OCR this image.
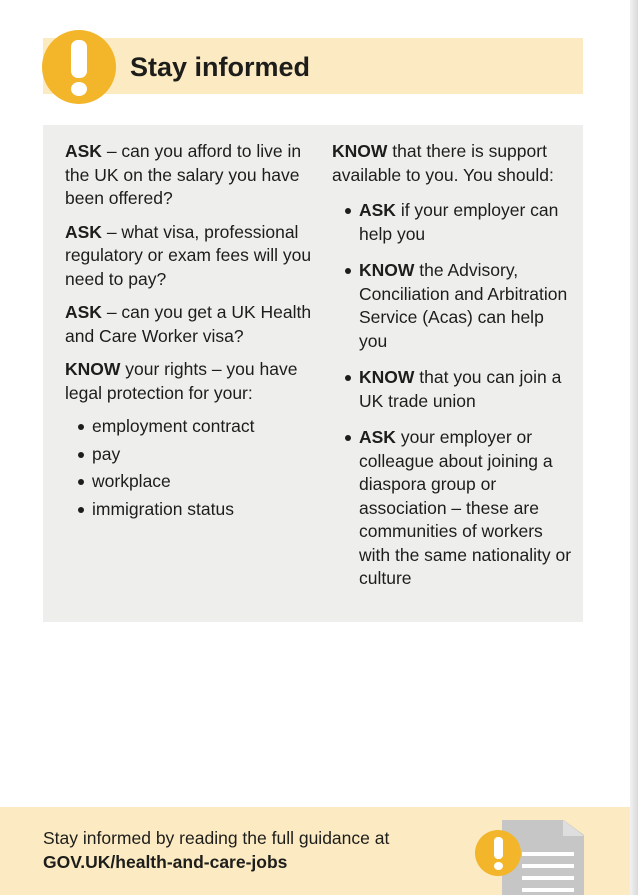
Stay informed

ASK – can you afford to live in the UK on the salary you have been offered?

ASK – what visa, professional regulatory or exam fees will you need to pay?

ASK – can you get a UK Health and Care Worker visa?

KNOW your rights – you have legal protection for your:

employment contract
pay
workplace
immigration status

KNOW that there is support available to you. You should:

ASK if your employer can help you
KNOW the Advisory, Conciliation and Arbitration Service (Acas) can help you
KNOW that you can join a UK trade union
ASK your employer or colleague about joining a diaspora group or association – these are communities of workers with the same nationality or culture
Stay informed by reading the full guidance at
GOV.UK/health-and-care-jobs
